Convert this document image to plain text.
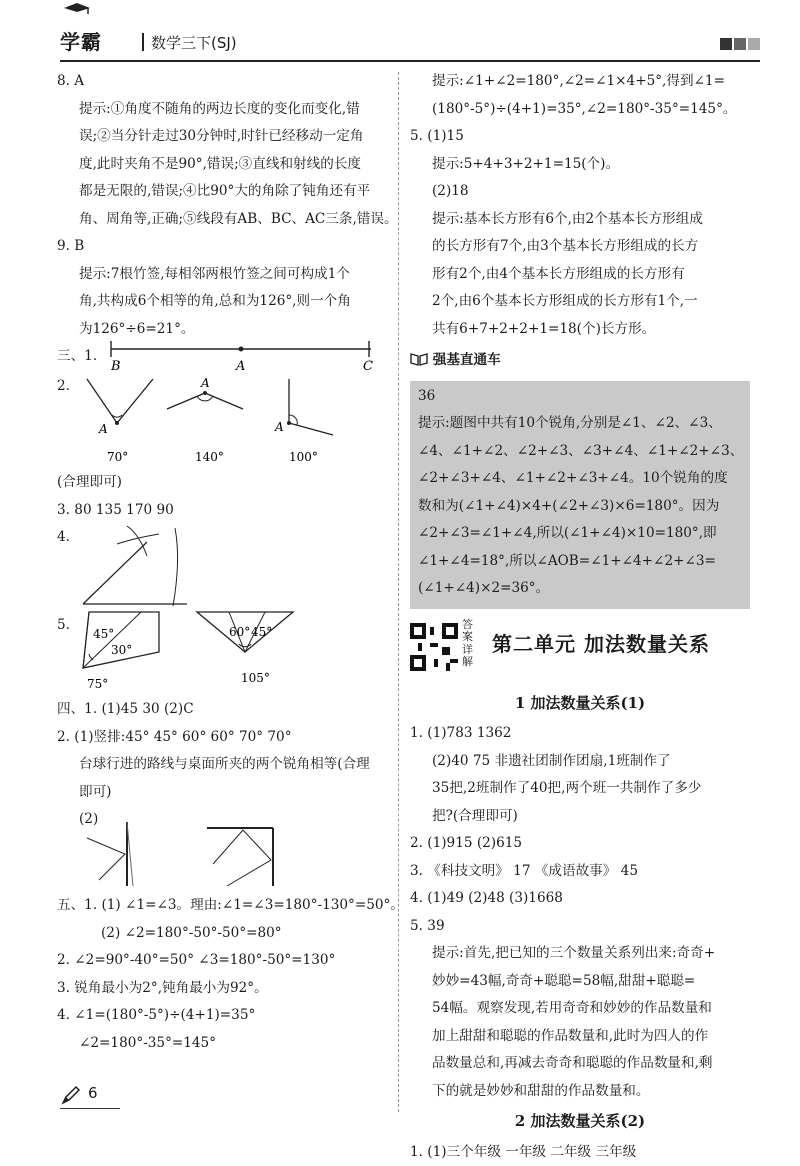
学霸	数学三下(SJ)
8. A
提示:①角度不随角的两边长度的变化而变化,错
误;②当分针走过30分钟时,时针已经移动一定角
度,此时夹角不是90°,错误;③直线和射线的长度
都是无限的,错误;④比90°大的角除了钝角还有平
角、周角等,正确;⑤线段有AB、BC、AC三条,错误。
9. B
提示:7根竹签,每相邻两根竹签之间可构成1个
角,共构成6个相等的角,总和为126°,则一个角
为126°÷6=21°。
三、1.
B	A	C
2.
A
70°
A
140°
A
100°
(合理即可)
3. 80 135 170 90
4.
5.
45°
30°
75°
60° 45°
105°
四、1. (1)45 30 (2)C
2. (1)竖排:45° 45° 60° 60° 70° 70°
台球行进的路线与桌面所夹的两个锐角相等(合理
即可)
(2)
五、1. (1) ∠1=∠3。理由:∠1=∠3=180°-130°=50°。
(2) ∠2=180°-50°-50°=80°
2. ∠2=90°-40°=50° ∠3=180°-50°=130°
3. 锐角最小为2°,钝角最小为92°。
4. ∠1=(180°-5°)÷(4+1)=35°
∠2=180°-35°=145°
提示:∠1+∠2=180°,∠2=∠1×4+5°,得到∠1=
(180°-5°)÷(4+1)=35°,∠2=180°-35°=145°。
5. (1)15
提示:5+4+3+2+1=15(个)。
(2)18
提示:基本长方形有6个,由2个基本长方形组成
的长方形有7个,由3个基本长方形组成的长方
形有2个,由4个基本长方形组成的长方形有
2个,由6个基本长方形组成的长方形有1个,一
共有6+7+2+2+1=18(个)长方形。
强基直通车
36
提示:题图中共有10个锐角,分别是∠1、∠2、∠3、
∠4、∠1+∠2、∠2+∠3、∠3+∠4、∠1+∠2+∠3、
∠2+∠3+∠4、∠1+∠2+∠3+∠4。10个锐角的度
数和为(∠1+∠4)×4+(∠2+∠3)×6=180°。因为
∠2+∠3=∠1+∠4,所以(∠1+∠4)×10=180°,即
∠1+∠4=18°,所以∠AOB=∠1+∠4+∠2+∠3=
(∠1+∠4)×2=36°。
答案详解
第二单元 加法数量关系
1 加法数量关系(1)
1. (1)783 1362
(2)40 75 非遗社团制作团扇,1班制作了
35把,2班制作了40把,两个班一共制作了多少
把?(合理即可)
2. (1)915 (2)615
3. 《科技文明》 17 《成语故事》 45
4. (1)49 (2)48 (3)1668
5. 39
提示:首先,把已知的三个数量关系列出来:奇奇+
妙妙=43幅,奇奇+聪聪=58幅,甜甜+聪聪=
54幅。观察发现,若用奇奇和妙妙的作品数量和
加上甜甜和聪聪的作品数量和,此时为四人的作
品数量总和,再减去奇奇和聪聪的作品数量和,剩
下的就是妙妙和甜甜的作品数量和。
2 加法数量关系(2)
1. (1)三个年级 一年级 二年级 三年级
6
